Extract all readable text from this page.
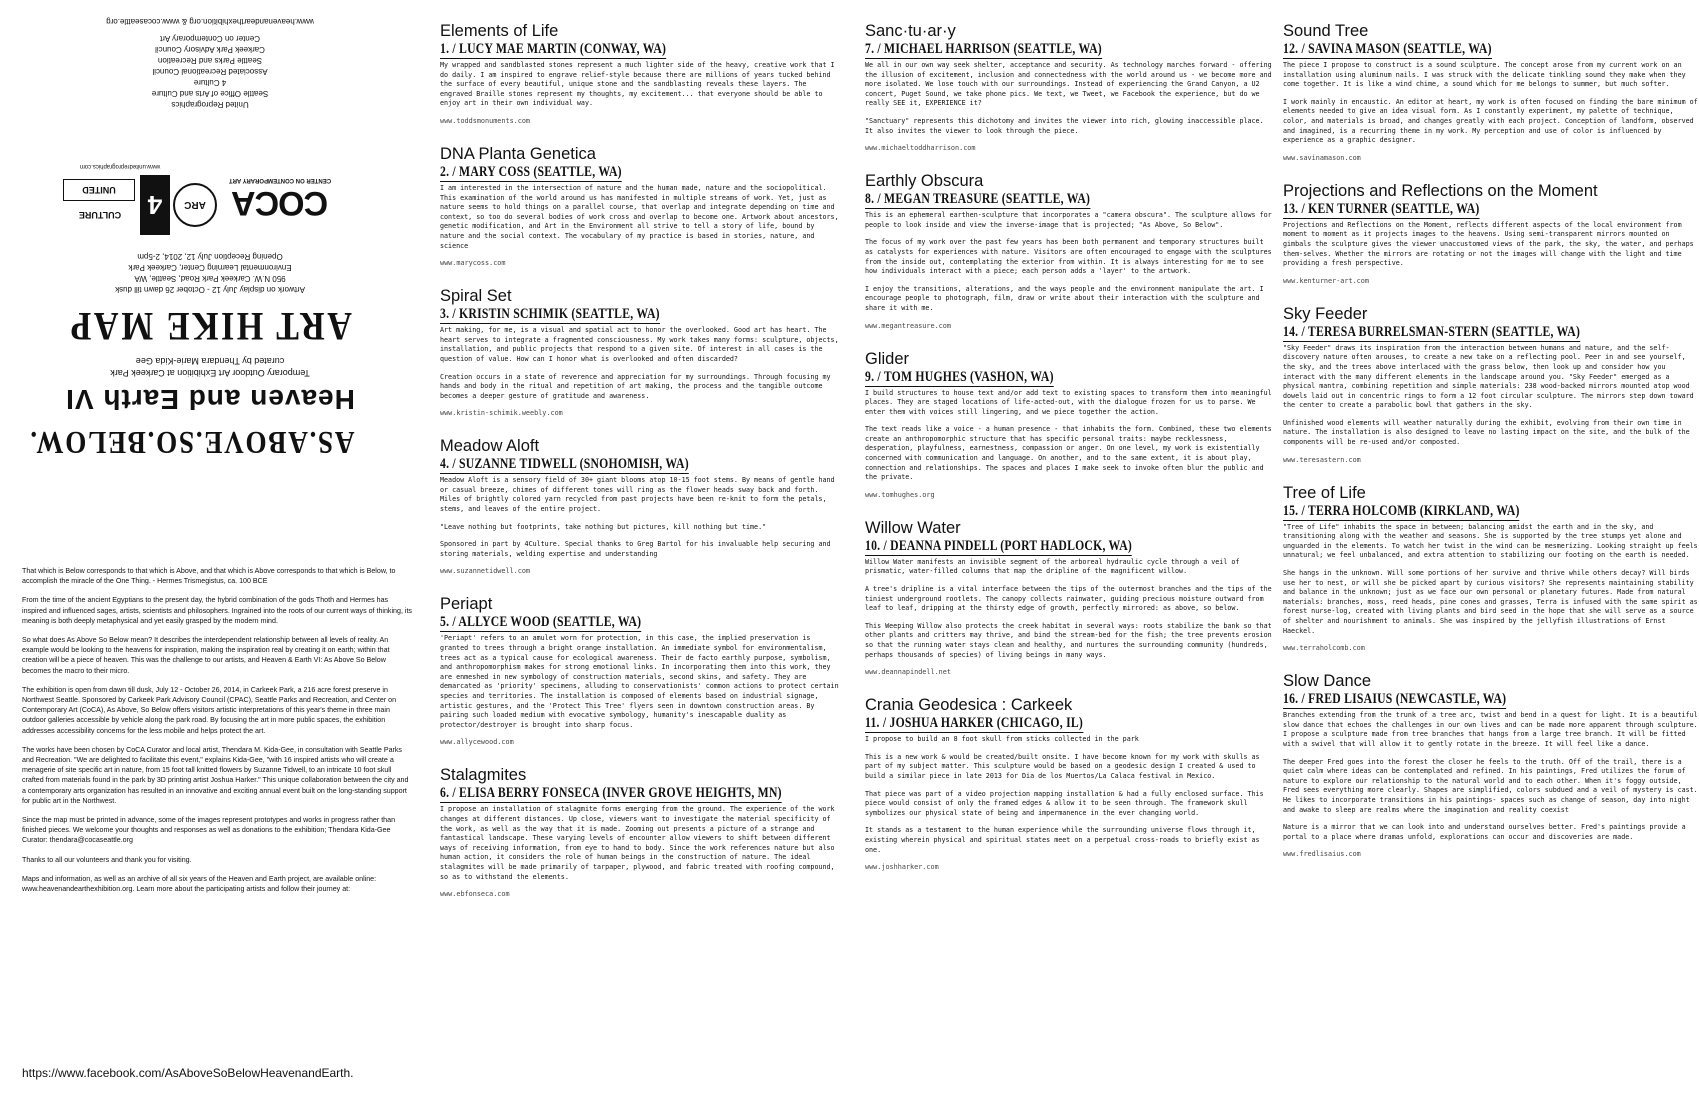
www.heavenandearthexhibition.org & www.cocaseattle.org
United Reprographics
Seattle Office of Arts and Culture
4 Culture
Associated Recreational Council
Seattle Parks and Recreation
Carkeek Park Advisory Council
Center on Contemporary Art
COCA
CENTER ON CONTEMPORARY ART
ARC
4
CULTURE
UNITED
www.unitedreprographics.com
Opening Reception July 12, 2014, 2-5pm
Environmental Learning Center, Carkeek Park
950 N.W. Carkeek Park Road, Seattle, WA
Artwork on display July 12 - October 26 dawn till dusk
ART HIKE MAP
curated by Thendara Marie-Kida Gee
Temporary Outdoor Art Exhibition at Carkeek Park
Heaven and Earth VI
AS.ABOVE.SO.BELOW.

That which is Below corresponds to that which is Above, and that which is Above corresponds to that which is Below, to accomplish the miracle of the One Thing. - Hermes Trismegistus, ca. 100 BCE

From the time of the ancient Egyptians to the present day, the hybrid combination of the gods Thoth and Hermes has inspired and influenced sages, artists, scientists and philosophers. Ingrained into the roots of our current ways of thinking, its meaning is both deeply metaphysical and yet easily grasped by the modern mind.

So what does As Above So Below mean? It describes the interdependent relationship between all levels of reality. An example would be looking to the heavens for inspiration, making the inspiration real by creating it on earth; within that creation will be a piece of heaven. This was the challenge to our artists, and Heaven & Earth VI: As Above So Below becomes the macro to their micro.

The exhibition is open from dawn till dusk, July 12 - October 26, 2014, in Carkeek Park, a 216 acre forest preserve in Northwest Seattle. Sponsored by Carkeek Park Advisory Council (CPAC), Seattle Parks and Recreation, and Center on Contemporary Art (CoCA), As Above, So Below offers visitors artistic interpretations of this year's theme in three main outdoor galleries accessible by vehicle along the park road. By focusing the art in more public spaces, the exhibition addresses accessibility concerns for the less mobile and helps protect the art.

The works have been chosen by CoCA Curator and local artist, Thendara M. Kida-Gee, in consultation with Seattle Parks and Recreation. "We are delighted to facilitate this event," explains Kida-Gee, "with 16 inspired artists who will create a menagerie of site specific art in nature, from 15 foot tall knitted flowers by Suzanne Tidwell, to an intricate 10 foot skull crafted from materials found in the park by 3D printing artist Joshua Harker." This unique collaboration between the city and a contemporary arts organization has resulted in an innovative and exciting annual event built on the long-standing support for public art in the Northwest.

Since the map must be printed in advance, some of the images represent prototypes and works in progress rather than finished pieces. We welcome your thoughts and responses as well as donations to the exhibition; Thendara Kida-Gee Curator: thendara@cocaseattle.org

Thanks to all our volunteers and thank you for visiting.

Maps and information, as well as an archive of all six years of the Heaven and Earth project, are available online: www.heavenandearthexhibition.org. Learn more about the participating artists and follow their journey at:

https://www.facebook.com/AsAboveSoBelowHeavenandEarth.
Elements of Life
1. / LUCY MAE MARTIN (CONWAY, WA)

My wrapped and sandblasted stones represent a much lighter side of the heavy, creative work that I do daily. I am inspired to engrave relief-style because there are millions of years tucked behind the surface of every beautiful, unique stone and the sandblasting reveals these layers. The engraved Braille stones represent my thoughts, my excitement... that everyone should be able to enjoy art in their own individual way.

www.toddsmonuments.com
DNA Planta Genetica
2. / MARY COSS (SEATTLE, WA)

I am interested in the intersection of nature and the human made, nature and the sociopolitical. This examination of the world around us has manifested in multiple streams of work. Yet, just as nature seems to hold things on a parallel course, that overlap and integrate depending on time and context, so too do several bodies of work cross and overlap to become one. Artwork about ancestors, genetic modification, and Art in the Environment all strive to tell a story of life, bound by nature and the social context. The vocabulary of my practice is based in stories, nature, and science

www.marycoss.com
Spiral Set
3. / KRISTIN SCHIMIK (SEATTLE, WA)

Art making, for me, is a visual and spatial act to honor the overlooked. Good art has heart. The heart serves to integrate a fragmented consciousness. My work takes many forms: sculpture, objects, installation, and public projects that respond to a given site. Of interest in all cases is the question of value. How can I honor what is overlooked and often discarded?

Creation occurs in a state of reverence and appreciation for my surroundings. Through focusing my hands and body in the ritual and repetition of art making, the process and the tangible outcome becomes a deeper gesture of gratitude and awareness.

www.kristin-schimik.weebly.com
Meadow Aloft
4. / SUZANNE TIDWELL (SNOHOMISH, WA)

Meadow Aloft is a sensory field of 30+ giant blooms atop 10-15 foot stems. By means of gentle hand or casual breeze, chimes of different tones will ring as the flower heads sway back and forth. Miles of brightly colored yarn recycled from past projects have been re-knit to form the petals, stems, and leaves of the entire project.

"Leave nothing but footprints, take nothing but pictures, kill nothing but time."

Sponsored in part by 4Culture. Special thanks to Greg Bartol for his invaluable help securing and storing materials, welding expertise and understanding

www.suzannetidwell.com
Periapt
5. / ALLYCE WOOD (SEATTLE, WA)

'Periapt' refers to an amulet worn for protection, in this case, the implied preservation is granted to trees through a bright orange installation. An immediate symbol for environmentalism, trees act as a typical cause for ecological awareness. Their de facto earthly purpose, symbolism, and anthropomorphism makes for strong emotional links. In incorporating them into this work, they are enmeshed in new symbology of construction materials, second skins, and safety. They are demarcated as 'priority' specimens, alluding to conservationists' common actions to protect certain species and territories. The installation is composed of elements based on industrial signage, artistic gestures, and the 'Protect This Tree' flyers seen in downtown construction areas. By pairing such loaded medium with evocative symbology, humanity's inescapable duality as protector/destroyer is brought into sharp focus.

www.allycewood.com
Stalagmites
6. / ELISA BERRY FONSECA (INVER GROVE HEIGHTS, MN)

I propose an installation of stalagmite forms emerging from the ground. The experience of the work changes at different distances. Up close, viewers want to investigate the material specificity of the work, as well as the way that it is made. Zooming out presents a picture of a strange and fantastical landscape. These varying levels of encounter allow viewers to shift between different ways of receiving information, from eye to hand to body. Since the work references nature but also human action, it considers the role of human beings in the construction of nature. The ideal stalagmites will be made primarily of tarpaper, plywood, and fabric treated with roofing compound, so as to withstand the elements.

www.ebfonseca.com
Sanc·tu·ar·y
7. / MICHAEL HARRISON (SEATTLE, WA)

We all in our own way seek shelter, acceptance and security. As technology marches forward - offering the illusion of excitement, inclusion and connectedness with the world around us - we become more and more isolated. We lose touch with our surroundings. Instead of experiencing the Grand Canyon, a U2 concert, Puget Sound, we take phone pics. We text, we Tweet, we Facebook the experience, but do we really SEE it, EXPERIENCE it?

"Sanctuary" represents this dichotomy and invites the viewer into rich, glowing inaccessible place. It also invites the viewer to look through the piece.

www.michaeltoddharrison.com
Earthly Obscura
8. / MEGAN TREASURE (SEATTLE, WA)

This is an ephemeral earthen-sculpture that incorporates a "camera obscura". The sculpture allows for people to look inside and view the inverse-image that is projected; "As Above, So Below".

The focus of my work over the past few years has been both permanent and temporary structures built as catalysts for experiences with nature. Visitors are often encouraged to engage with the sculptures from the inside out, contemplating the exterior from within. It is always interesting for me to see how individuals interact with a piece; each person adds a 'layer' to the artwork.

I enjoy the transitions, alterations, and the ways people and the environment manipulate the art. I encourage people to photograph, film, draw or write about their interaction with the sculpture and share it with me.

www.megantreasure.com
Glider
9. / TOM HUGHES (VASHON, WA)

I build structures to house text and/or add text to existing spaces to transform them into meaningful places. They are staged locations of life-acted-out, with the dialogue frozen for us to parse. We enter them with voices still lingering, and we piece together the action.

The text reads like a voice - a human presence - that inhabits the form. Combined, these two elements create an anthropomorphic structure that has specific personal traits: maybe recklessness, desperation, playfulness, earnestness, compassion or anger. On one level, my work is existentially concerned with communication and language. On another, and to the same extent, it is about play, connection and relationships. The spaces and places I make seek to invoke often blur the public and the private.

www.tomhughes.org
Willow Water
10. / DEANNA PINDELL (PORT HADLOCK, WA)

Willow Water manifests an invisible segment of the arboreal hydraulic cycle through a veil of prismatic, water-filled columns that map the dripline of the magnificent willow.

A tree's dripline is a vital interface between the tips of the outermost branches and the tips of the tiniest underground rootlets. The canopy collects rainwater, guiding precious moisture outward from leaf to leaf, dripping at the thirsty edge of growth, perfectly mirrored: as above, so below.

This Weeping Willow also protects the creek habitat in several ways: roots stabilize the bank so that other plants and critters may thrive, and bind the stream-bed for the fish; the tree prevents erosion so that the running water stays clean and healthy, and nurtures the surrounding community (hundreds, perhaps thousands of species) of living beings in many ways.

www.deannapindell.net
Crania Geodesica : Carkeek
11. / JOSHUA HARKER (CHICAGO, IL)

I propose to build an 8 foot skull from sticks collected in the park

This is a new work & would be created/built onsite. I have become known for my work with skulls as part of my subject matter. This sculpture would be based on a geodesic design I created & used to build a similar piece in late 2013 for Dia de los Muertos/La Calaca festival in Mexico.

That piece was part of a video projection mapping installation & had a fully enclosed surface. This piece would consist of only the framed edges & allow it to be seen through. The framework skull symbolizes our physical state of being and impermanence in the ever changing world.

It stands as a testament to the human experience while the surrounding universe flows through it, existing wherein physical and spiritual states meet on a perpetual cross-roads to briefly exist as one.

www.joshharker.com
Sound Tree
12. / SAVINA MASON (SEATTLE, WA)

The piece I propose to construct is a sound sculpture. The concept arose from my current work on an installation using aluminum nails. I was struck with the delicate tinkling sound they make when they come together. It is like a wind chime, a sound which for me belongs to summer, but much softer.

I work mainly in encaustic. An editor at heart, my work is often focused on finding the bare minimum of elements needed to give an idea visual form. As I constantly experiment, my palette of technique, color, and materials is broad, and changes greatly with each project. Conception of landform, observed and imagined, is a recurring theme in my work. My perception and use of color is influenced by experience as a graphic designer.

www.savinamason.com
Projections and Reflections on the Moment
13. / KEN TURNER (SEATTLE, WA)

Projections and Reflections on the Moment, reflects different aspects of the local environment from moment to moment as it projects images to the heavens. Using semi-transparent mirrors mounted on gimbals the sculpture gives the viewer unaccustomed views of the park, the sky, the water, and perhaps them-selves. Whether the mirrors are rotating or not the images will change with the light and time providing a fresh perspective.

www.kenturner-art.com
Sky Feeder
14. / TERESA BURRELSMAN-STERN (SEATTLE, WA)

"Sky Feeder" draws its inspiration from the interaction between humans and nature, and the self-discovery nature often arouses, to create a new take on a reflecting pool. Peer in and see yourself, the sky, and the trees above interlaced with the grass below, then look up and consider how you interact with the many different elements in the landscape around you. "Sky Feeder" emerged as a physical mantra, combining repetition and simple materials: 238 wood-backed mirrors mounted atop wood dowels laid out in concentric rings to form a 12 foot circular sculpture. The mirrors step down toward the center to create a parabolic bowl that gathers in the sky.

Unfinished wood elements will weather naturally during the exhibit, evolving from their own time in nature. The installation is also designed to leave no lasting impact on the site, and the bulk of the components will be re-used and/or composted.

www.teresastern.com
Tree of Life
15. / TERRA HOLCOMB (KIRKLAND, WA)

"Tree of Life" inhabits the space in between; balancing amidst the earth and in the sky, and transitioning along with the weather and seasons. She is supported by the tree stumps yet alone and unguarded in the elements. To watch her twist in the wind can be mesmerizing. Looking straight up feels unnatural; we feel unbalanced, and extra attention to stabilizing our footing on the earth is needed.

She hangs in the unknown. Will some portions of her survive and thrive while others decay? Will birds use her to nest, or will she be picked apart by curious visitors? She represents maintaining stability and balance in the unknown; just as we face our own personal or planetary futures. Made from natural materials: branches, moss, reed heads, pine cones and grasses, Terra is infused with the same spirit as forest nurse-log, created with living plants and bird seed in the hope that she will serve as a source of shelter and nourishment to animals. She was inspired by the jellyfish illustrations of Ernst Haeckel.

www.terraholcomb.com
Slow Dance
16. / FRED LISAIUS (NEWCASTLE, WA)

Branches extending from the trunk of a tree arc, twist and bend in a quest for light. It is a beautiful slow dance that echoes the challenges in our own lives and can be made more apparent through sculpture. I propose a sculpture made from tree branches that hangs from a large tree branch. It will be fitted with a swivel that will allow it to gently rotate in the breeze. It will feel like a dance.

The deeper Fred goes into the forest the closer he feels to the truth. Off of the trail, there is a quiet calm where ideas can be contemplated and refined. In his paintings, Fred utilizes the forum of nature to explore our relationship to the natural world and to each other. When it's foggy outside, Fred sees everything more clearly. Shapes are simplified, colors subdued and a veil of mystery is cast. He likes to incorporate transitions in his paintings- spaces such as change of season, day into night and awake to sleep are realms where the imagination and reality coexist

Nature is a mirror that we can look into and understand ourselves better. Fred's paintings provide a portal to a place where dramas unfold, explorations can occur and discoveries are made.

www.fredlisaius.com
